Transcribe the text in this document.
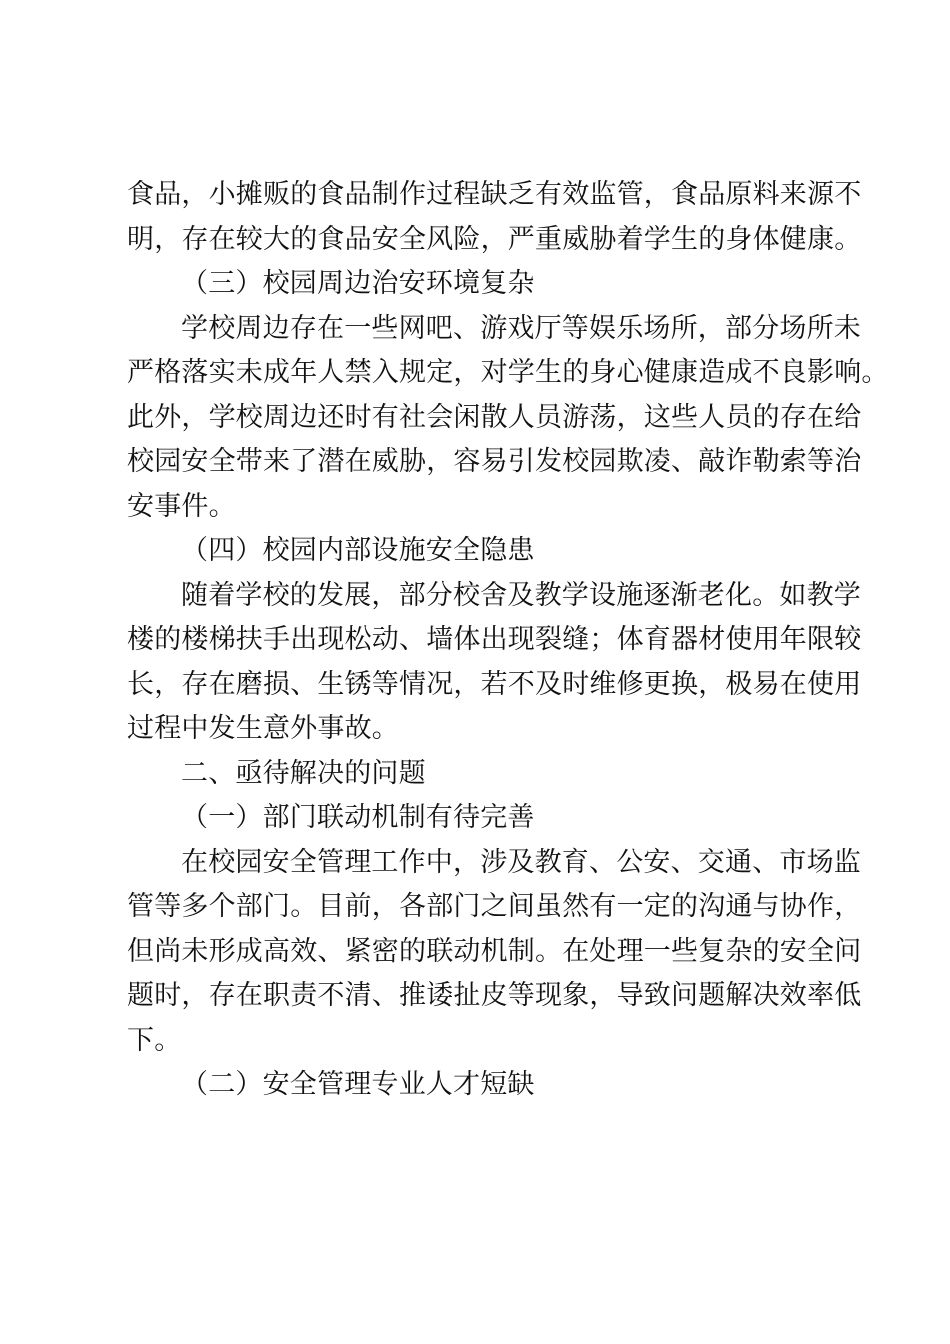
食品，小摊贩的食品制作过程缺乏有效监管，食品原料来源不
明，存在较大的食品安全风险，严重威胁着学生的身体健康。
（三）校园周边治安环境复杂
学校周边存在一些网吧、游戏厅等娱乐场所，部分场所未
严格落实未成年人禁入规定，对学生的身心健康造成不良影响。
此外，学校周边还时有社会闲散人员游荡，这些人员的存在给
校园安全带来了潜在威胁，容易引发校园欺凌、敲诈勒索等治
安事件。
（四）校园内部设施安全隐患
随着学校的发展，部分校舍及教学设施逐渐老化。如教学
楼的楼梯扶手出现松动、墙体出现裂缝；体育器材使用年限较
长，存在磨损、生锈等情况，若不及时维修更换，极易在使用
过程中发生意外事故。
二、亟待解决的问题
（一）部门联动机制有待完善
在校园安全管理工作中，涉及教育、公安、交通、市场监
管等多个部门。目前，各部门之间虽然有一定的沟通与协作，
但尚未形成高效、紧密的联动机制。在处理一些复杂的安全问
题时，存在职责不清、推诿扯皮等现象，导致问题解决效率低
下。
（二）安全管理专业人才短缺
